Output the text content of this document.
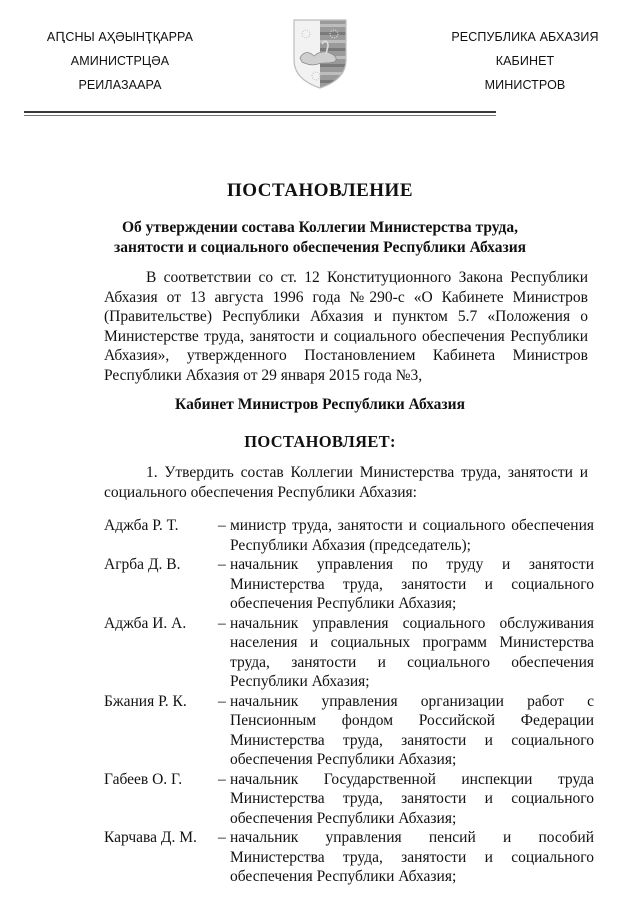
АԤСНЫ АҲӘЫНҬҚАРРА
АМИНИСТРЦӘА
РЕИЛАЗААРА
РЕСПУБЛИКА АБХАЗИЯ
КАБИНЕТ
МИНИСТРОВ
ПОСТАНОВЛЕНИЕ
Об утверждении состава Коллегии Министерства труда,
занятости и социального обеспечения Республики Абхазия
В соответствии со ст. 12 Конституционного Закона Республики Абхазия от 13 августа 1996 года №290-с «О Кабинете Министров (Правительстве) Республики Абхазия и пунктом 5.7 «Положения о Министерстве труда, занятости и социального обеспечения Республики Абхазия», утвержденного Постановлением Кабинета Министров Республики Абхазия от 29 января 2015 года №3,
Кабинет Министров Республики Абхазия
ПОСТАНОВЛЯЕТ:
1. Утвердить состав Коллегии Министерства труда, занятости и социального обеспечения Республики Абхазия:
Аджба Р. Т.	– министр труда, занятости и социального обеспечения Республики Абхазия (председатель);
Агрба Д. В.	– начальник управления по труду и занятости Министерства труда, занятости и социального обеспечения Республики Абхазия;
Аджба И. А.	– начальник управления социального обслуживания населения и социальных программ Министерства труда, занятости и социального обеспечения Республики Абхазия;
Бжания Р. К.	– начальник управления организации работ с Пенсионным фондом Российской Федерации Министерства труда, занятости и социального обеспечения Республики Абхазия;
Габеев О. Г.	– начальник Государственной инспекции труда Министерства труда, занятости и социального обеспечения Республики Абхазия;
Карчава Д. М.	– начальник управления пенсий и пособий Министерства труда, занятости и социального обеспечения Республики Абхазия;
